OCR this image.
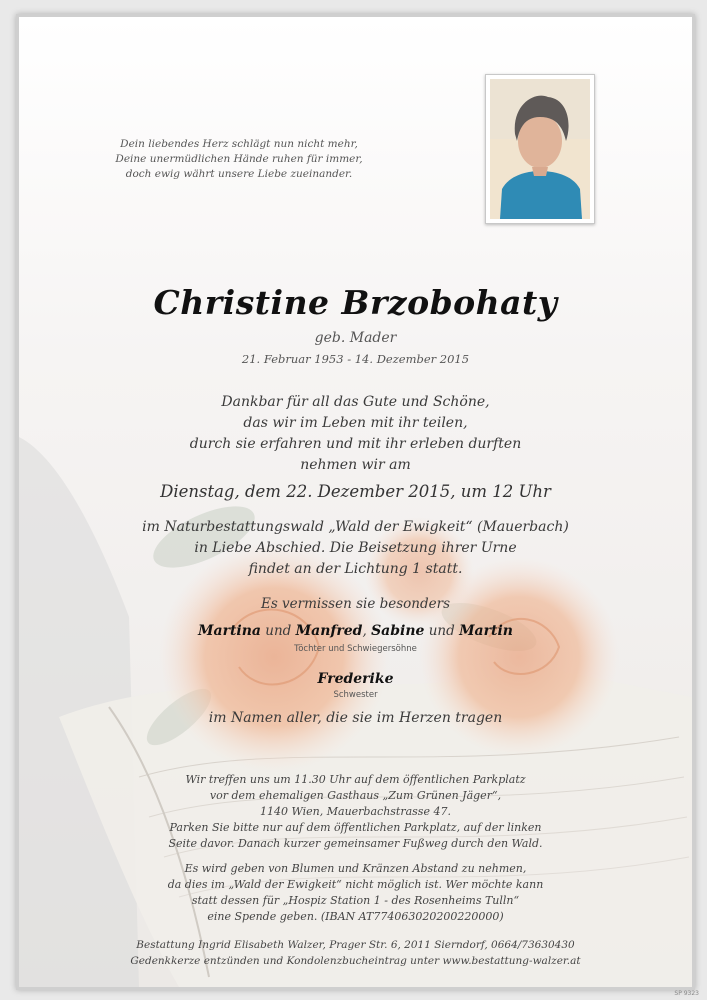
Dein liebendes Herz schlägt nun nicht mehr,
Deine unermüdlichen Hände ruhen für immer,
doch ewig währt unsere Liebe zueinander.
Christine Brzobohaty
geb. Mader
21. Februar 1953 - 14. Dezember 2015
Dankbar für all das Gute und Schöne,
das wir im Leben mit ihr teilen,
durch sie erfahren und mit ihr erleben durften
nehmen wir am
Dienstag, dem 22. Dezember 2015, um 12 Uhr
im Naturbestattungswald „Wald der Ewigkeit“ (Mauerbach)
in Liebe Abschied. Die Beisetzung ihrer Urne
findet an der Lichtung 1 statt.
Es vermissen sie besonders
Martina und Manfred, Sabine und Martin
Töchter und Schwiegersöhne
Frederike
Schwester
im Namen aller, die sie im Herzen tragen
Wir treffen uns um 11.30 Uhr auf dem öffentlichen Parkplatz
vor dem ehemaligen Gasthaus „Zum Grünen Jäger“,
1140 Wien, Mauerbachstrasse 47.
Parken Sie bitte nur auf dem öffentlichen Parkplatz, auf der linken
Seite davor. Danach kurzer gemeinsamer Fußweg durch den Wald.
Es wird geben von Blumen und Kränzen Abstand zu nehmen,
da dies im „Wald der Ewigkeit“ nicht möglich ist. Wer möchte kann
statt dessen für „Hospiz Station 1 - des Rosenheims Tulln“
eine Spende geben. (IBAN AT774063020200220000)
Bestattung Ingrid Elisabeth Walzer, Prager Str. 6, 2011 Sierndorf, 0664/73630430
Gedenkkerze entzünden und Kondolenzbucheintrag unter www.bestattung-walzer.at
SP 9323
